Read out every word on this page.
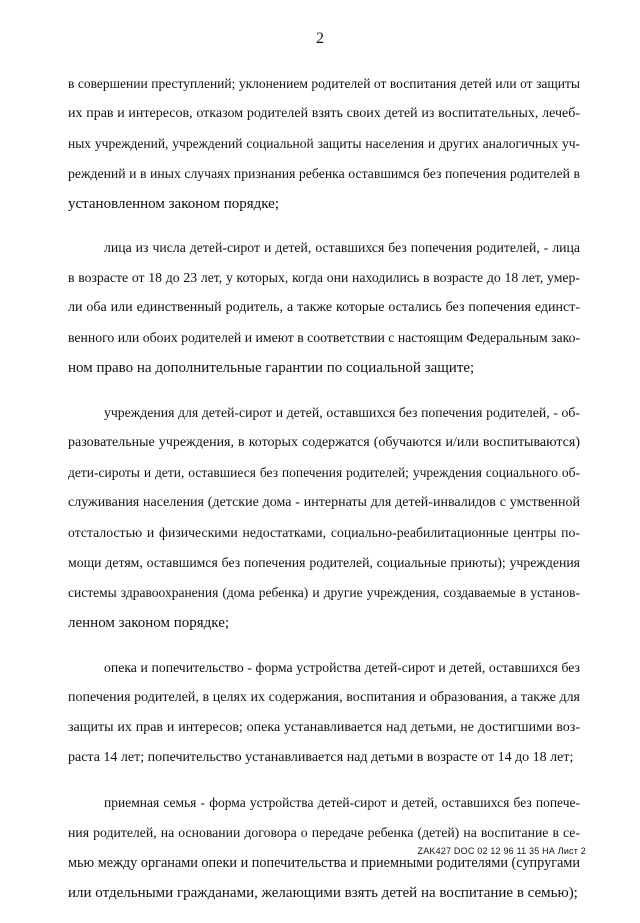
2
в совершении преступлений; уклонением родителей от воспитания детей или от защиты
их прав и интересов, отказом родителей взять своих детей из воспитательных, лечеб-
ных учреждений, учреждений социальной защиты населения и других аналогичных уч-
реждений и в иных случаях признания ребенка оставшимся без попечения родителей в
установленном законом порядке;
лица из числа детей-сирот и детей, оставшихся без попечения родителей, - лица
в возрасте от 18 до 23 лет, у которых, когда они находились в возрасте до 18 лет, умер-
ли оба или единственный родитель, а также которые остались без попечения единст-
венного или обоих родителей и имеют в соответствии с настоящим Федеральным зако-
ном право на дополнительные гарантии по социальной защите;
учреждения для детей-сирот и детей, оставшихся без попечения родителей, - об-
разовательные учреждения, в которых содержатся (обучаются и/или воспитываются)
дети-сироты и дети, оставшиеся без попечения родителей; учреждения социального об-
служивания населения (детские дома - интернаты для детей-инвалидов с умственной
отсталостью и физическими недостатками, социально-реабилитационные центры по-
мощи детям, оставшимся без попечения родителей, социальные приюты); учреждения
системы здравоохранения (дома ребенка) и другие учреждения, создаваемые в установ-
ленном законом порядке;
опека и попечительство - форма устройства детей-сирот и детей, оставшихся без
попечения родителей, в целях их содержания, воспитания и образования, а также для
защиты их прав и интересов; опека устанавливается над детьми, не достигшими воз-
раста 14 лет; попечительство устанавливается над детьми в возрасте от 14 до 18 лет;
приемная семья - форма устройства детей-сирот и детей, оставшихся без попече-
ния родителей, на основании договора о передаче ребенка (детей) на воспитание в се-
мью между органами опеки и попечительства и приемными родителями (супругами
или отдельными гражданами, желающими взять детей на воспитание в семью);
ZAK427 DOC 02 12 96 11 35 НА Лист 2
